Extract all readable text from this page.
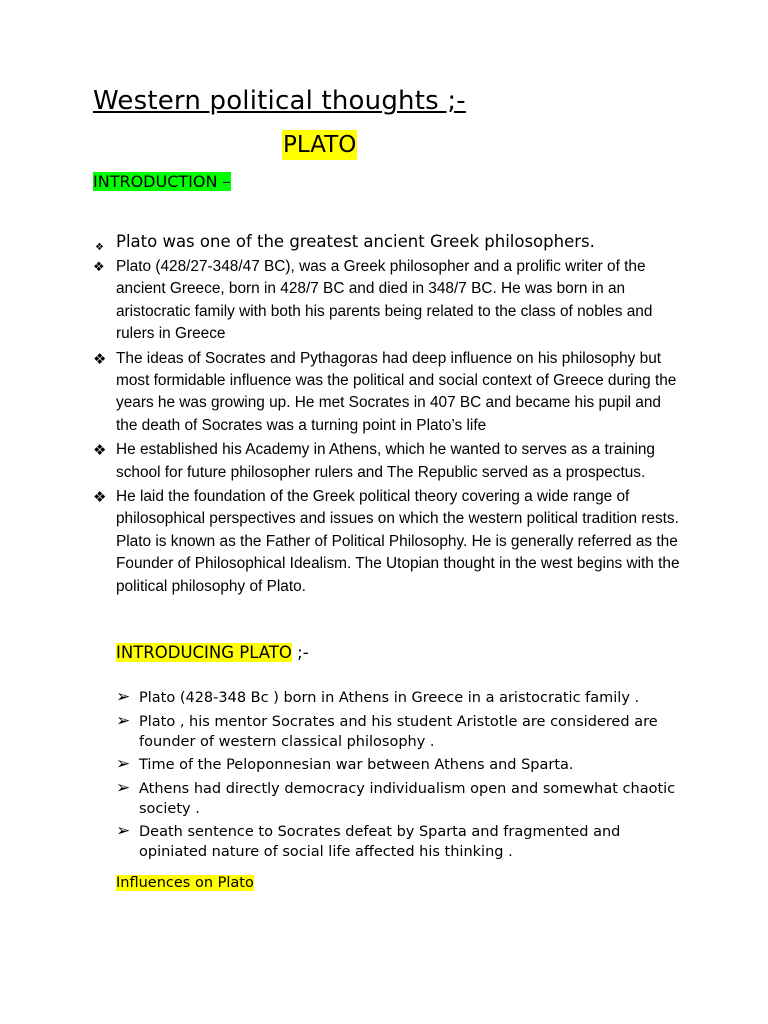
Western political thoughts ;-
PLATO
INTRODUCTION –
❖ Plato was one of the greatest ancient Greek philosophers.
❖ Plato (428/27-348/47 BC), was a Greek philosopher and a prolific writer of the ancient Greece, born in 428/7 BC and died in 348/7 BC. He was born in an aristocratic family with both his parents being related to the class of nobles and rulers in Greece
❖ The ideas of Socrates and Pythagoras had deep influence on his philosophy but most formidable influence was the political and social context of Greece during the years he was growing up. He met Socrates in 407 BC and became his pupil and the death of Socrates was a turning point in Plato’s life
❖ He established his Academy in Athens, which he wanted to serves as a training school for future philosopher rulers and The Republic served as a prospectus.
❖ He laid the foundation of the Greek political theory covering a wide range of philosophical perspectives and issues on which the western political tradition rests. Plato is known as the Father of Political Philosophy. He is generally referred as the Founder of Philosophical Idealism. The Utopian thought in the west begins with the political philosophy of Plato.
INTRODUCING PLATO ;-
➢ Plato (428-348 Bc ) born in Athens in Greece in a aristocratic family .
➢ Plato , his mentor Socrates and his student Aristotle are considered are founder of western classical philosophy .
➢ Time of the Peloponnesian war between Athens and Sparta.
➢ Athens had directly democracy individualism open and somewhat chaotic society .
➢ Death sentence to Socrates defeat by Sparta and fragmented and opiniated nature of social life affected his thinking .
Influences on Plato
